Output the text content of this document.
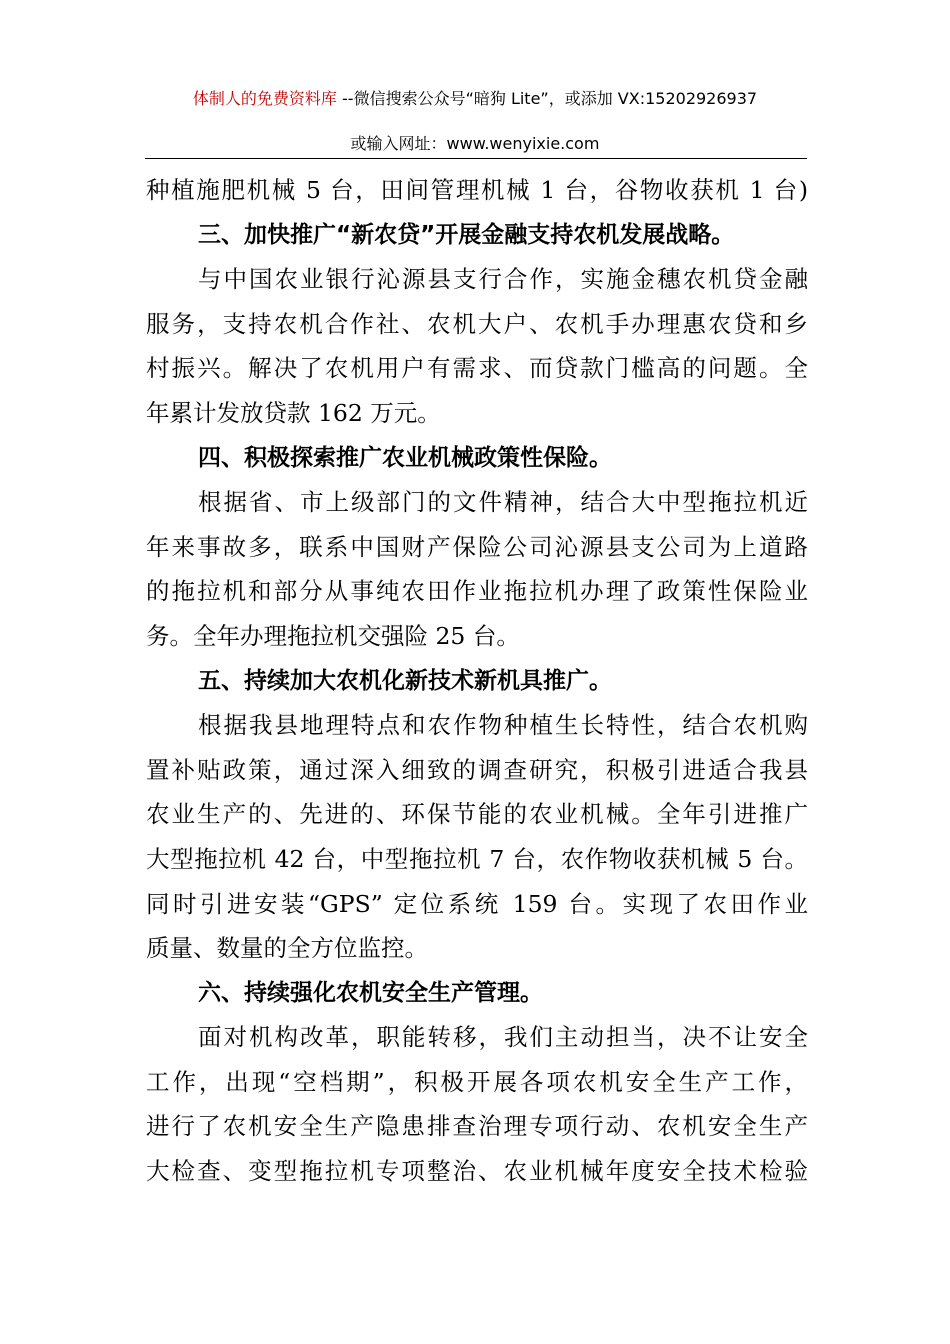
体制人的免费资料库 --微信搜索公众号“暗狗 Lite”，或添加 VX:15202926937
或输入网址：www.wenyixie.com
种植施肥机械 5 台，田间管理机械 1 台，谷物收获机 1 台)
三、加快推广“新农贷”开展金融支持农机发展战略。
与中国农业银行沁源县支行合作，实施金穗农机贷金融
服务，支持农机合作社、农机大户、农机手办理惠农贷和乡
村振兴。解决了农机用户有需求、而贷款门槛高的问题。全
年累计发放贷款 162 万元。
四、积极探索推广农业机械政策性保险。
根据省、市上级部门的文件精神，结合大中型拖拉机近
年来事故多，联系中国财产保险公司沁源县支公司为上道路
的拖拉机和部分从事纯农田作业拖拉机办理了政策性保险业
务。全年办理拖拉机交强险 25 台。
五、持续加大农机化新技术新机具推广。
根据我县地理特点和农作物种植生长特性，结合农机购
置补贴政策，通过深入细致的调查研究，积极引进适合我县
农业生产的、先进的、环保节能的农业机械。全年引进推广
大型拖拉机 42 台，中型拖拉机 7 台，农作物收获机械 5 台。
同时引进安装“GPS” 定位系统 159 台。实现了农田作业
质量、数量的全方位监控。
六、持续强化农机安全生产管理。
面对机构改革，职能转移，我们主动担当，决不让安全
工作，出现“空档期”，积极开展各项农机安全生产工作，
进行了农机安全生产隐患排查治理专项行动、农机安全生产
大检查、变型拖拉机专项整治、农业机械年度安全技术检验
